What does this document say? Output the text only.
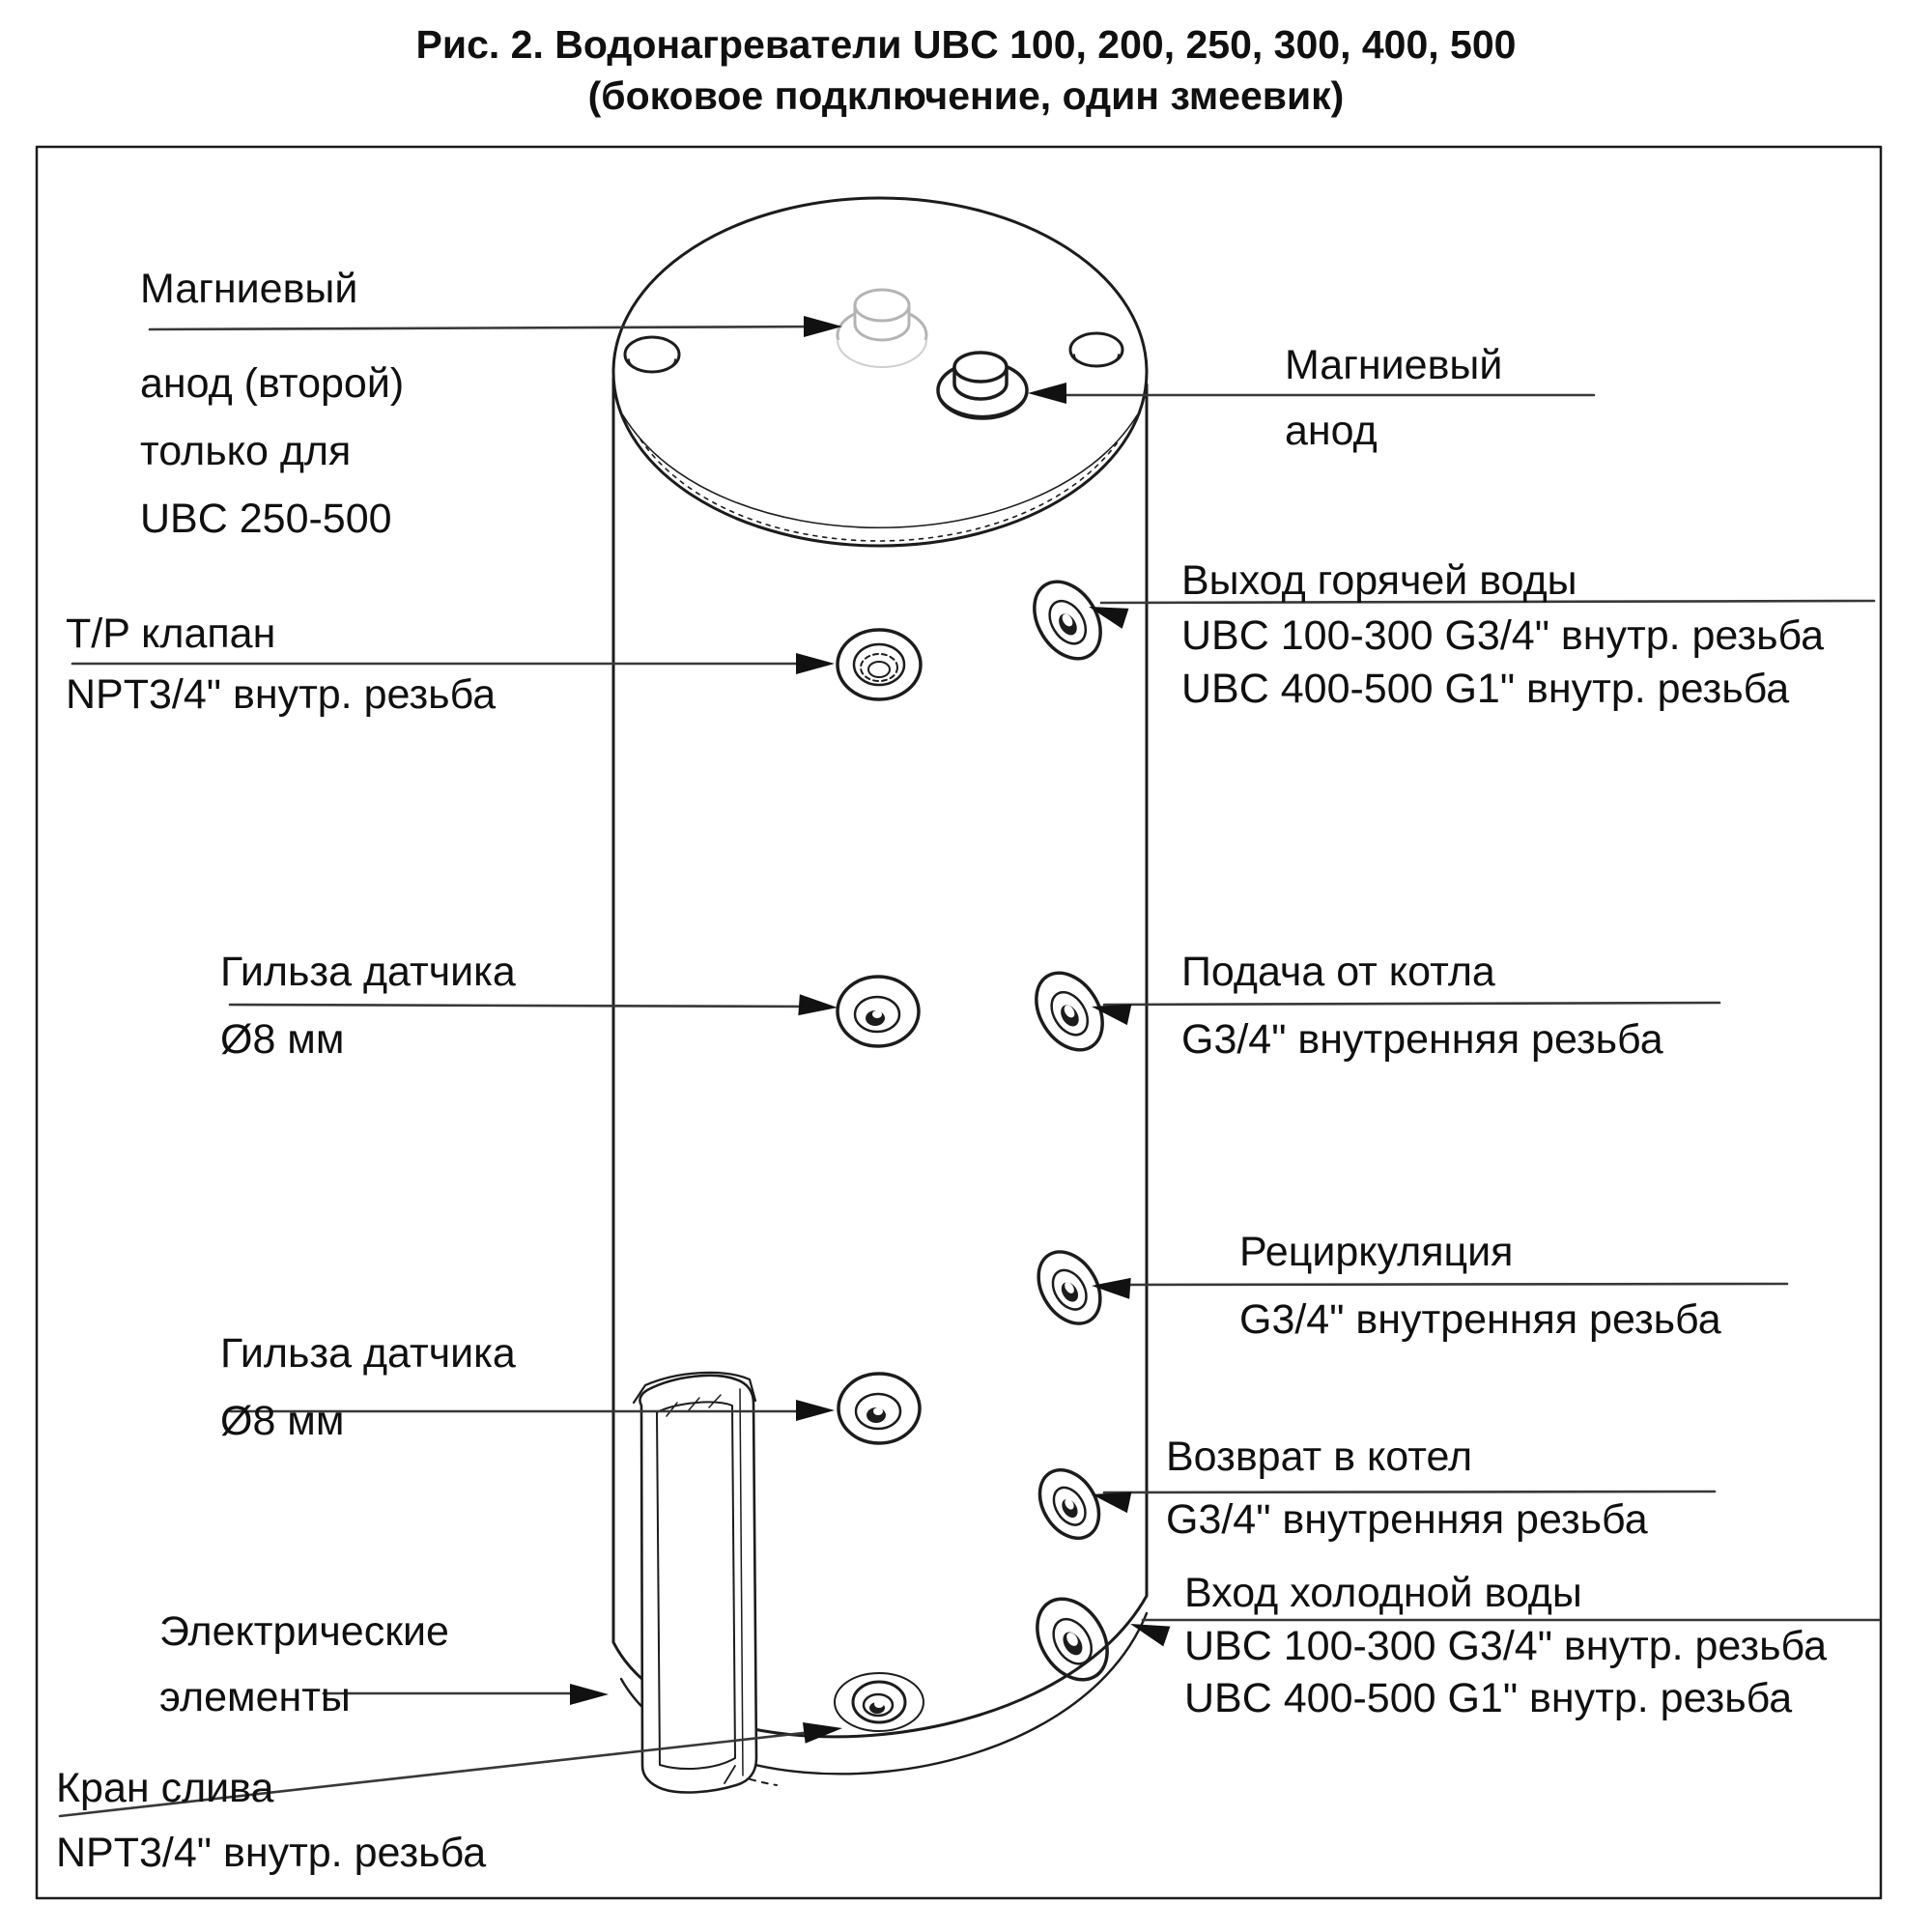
Рис. 2. Водонагреватели UBC 100, 200, 250, 300, 400, 500
(боковое подключение, один змеевик)
Магниевый
анод (второй)
только для
UBC 250-500
T/P клапан
NPT3/4" внутр. резьба
Гильза датчика
Ø8 мм
Гильза датчика
Ø8 мм
Электрические
элементы
Кран слива
NPT3/4" внутр. резьба
Магниевый
анод
Выход горячей воды
UBC 100-300 G3/4" внутр. резьба
UBC 400-500 G1" внутр. резьба
Подача от котла
G3/4" внутренняя резьба
Рециркуляция
G3/4" внутренняя резьба
Возврат в котел
G3/4" внутренняя резьба
Вход холодной воды
UBC 100-300 G3/4" внутр. резьба
UBC 400-500 G1" внутр. резьба
